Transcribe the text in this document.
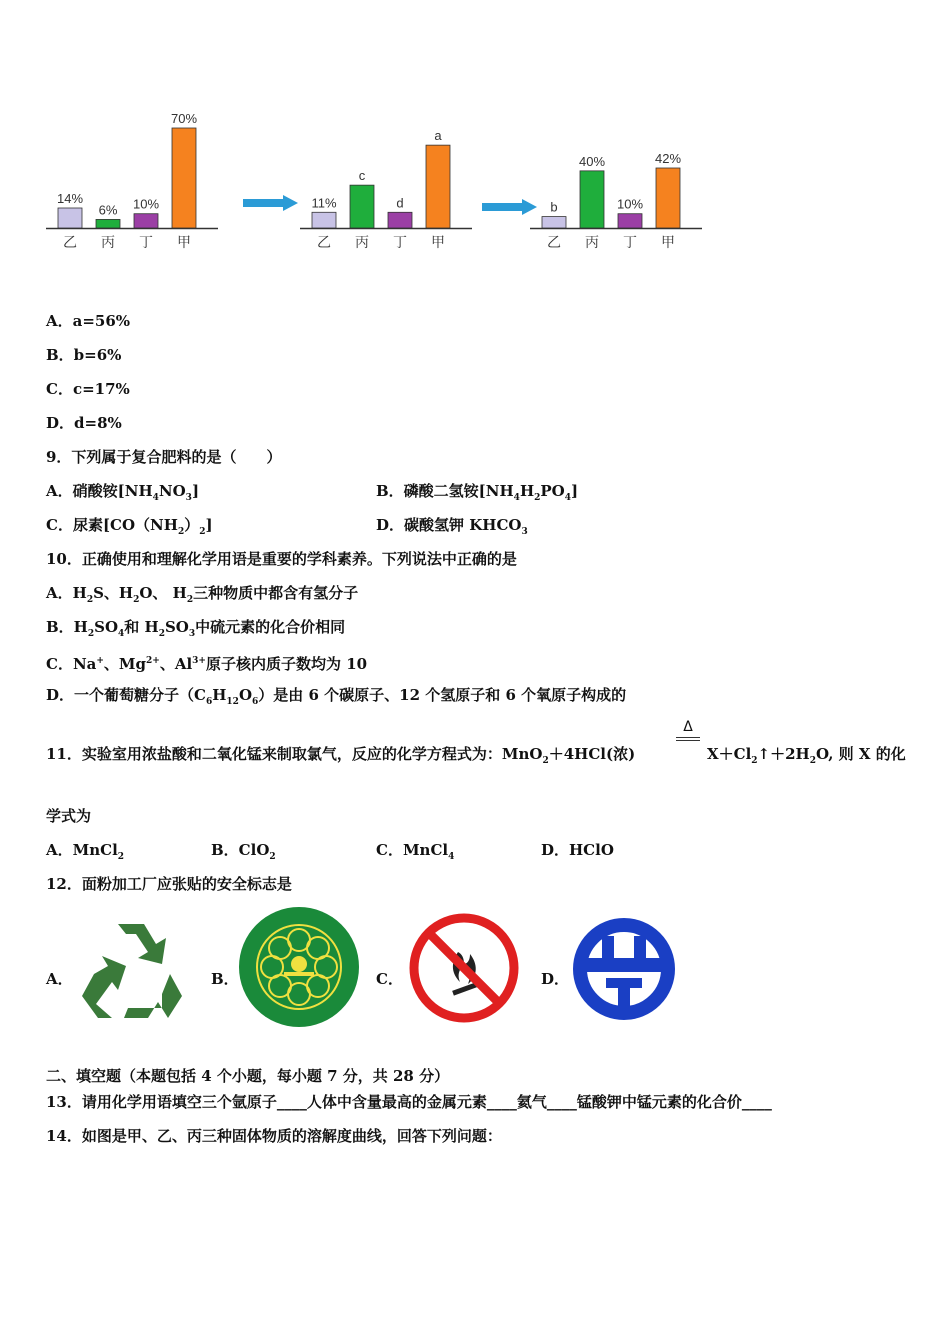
14%
乙
6%
丙
10%
丁
70%
甲
11%
乙
c
丙
d
丁
a
甲
b
乙
40%
丙
10%
丁
42%
甲
A．a=56%
B．b=6%
C．c=17%
D．d=8%
9．下列属于复合肥料的是（　　）
A．硝酸铵$[NH_4NO_3]$	B．磷酸二氢铵$[NH_4H_2PO_4]$
C．尿素$[CO(NH_2)_2]$	D．碳酸氢钾 $KHCO_3$
10．正确使用和理解化学用语是重要的学科素养。下列说法中正确的是
A．$H_2S$、$H_2O$、 $H_2$三种物质中都含有氢分子
B．$H_2SO_4$和 $H_2SO_3$中硫元素的化合价相同
C．Na+、$Mg^{2+}$、$Al^{3+}$原子核内质子数均为 10
D．一个葡萄糖分子$(C_6H_{12}O_6)$是由 6 个碳原子、12 个氢原子和 6 个氧原子构成的
11．实验室用浓盐酸和二氧化锰来制取氯气，反应的化学方程式为：MnO$_2$＋4HCl(浓)
Δ
$X+Cl_2↑+2H_2O$, 则 X 的化
学式为
A．MnCl$_2$	B．ClO$_2$	C．MnCl$_4$	D．HClO
12．面粉加工厂应张贴的安全标志是
A．	B．	C．	D．
二、填空题（本题包括 4 个小题，每小题 7 分，共 28 分）
13．请用化学用语填空三个氩原子____人体中含量最高的金属元素____氦气____锰酸钾中锰元素的化合价____
14．如图是甲、乙、丙三种固体物质的溶解度曲线，回答下列问题：
